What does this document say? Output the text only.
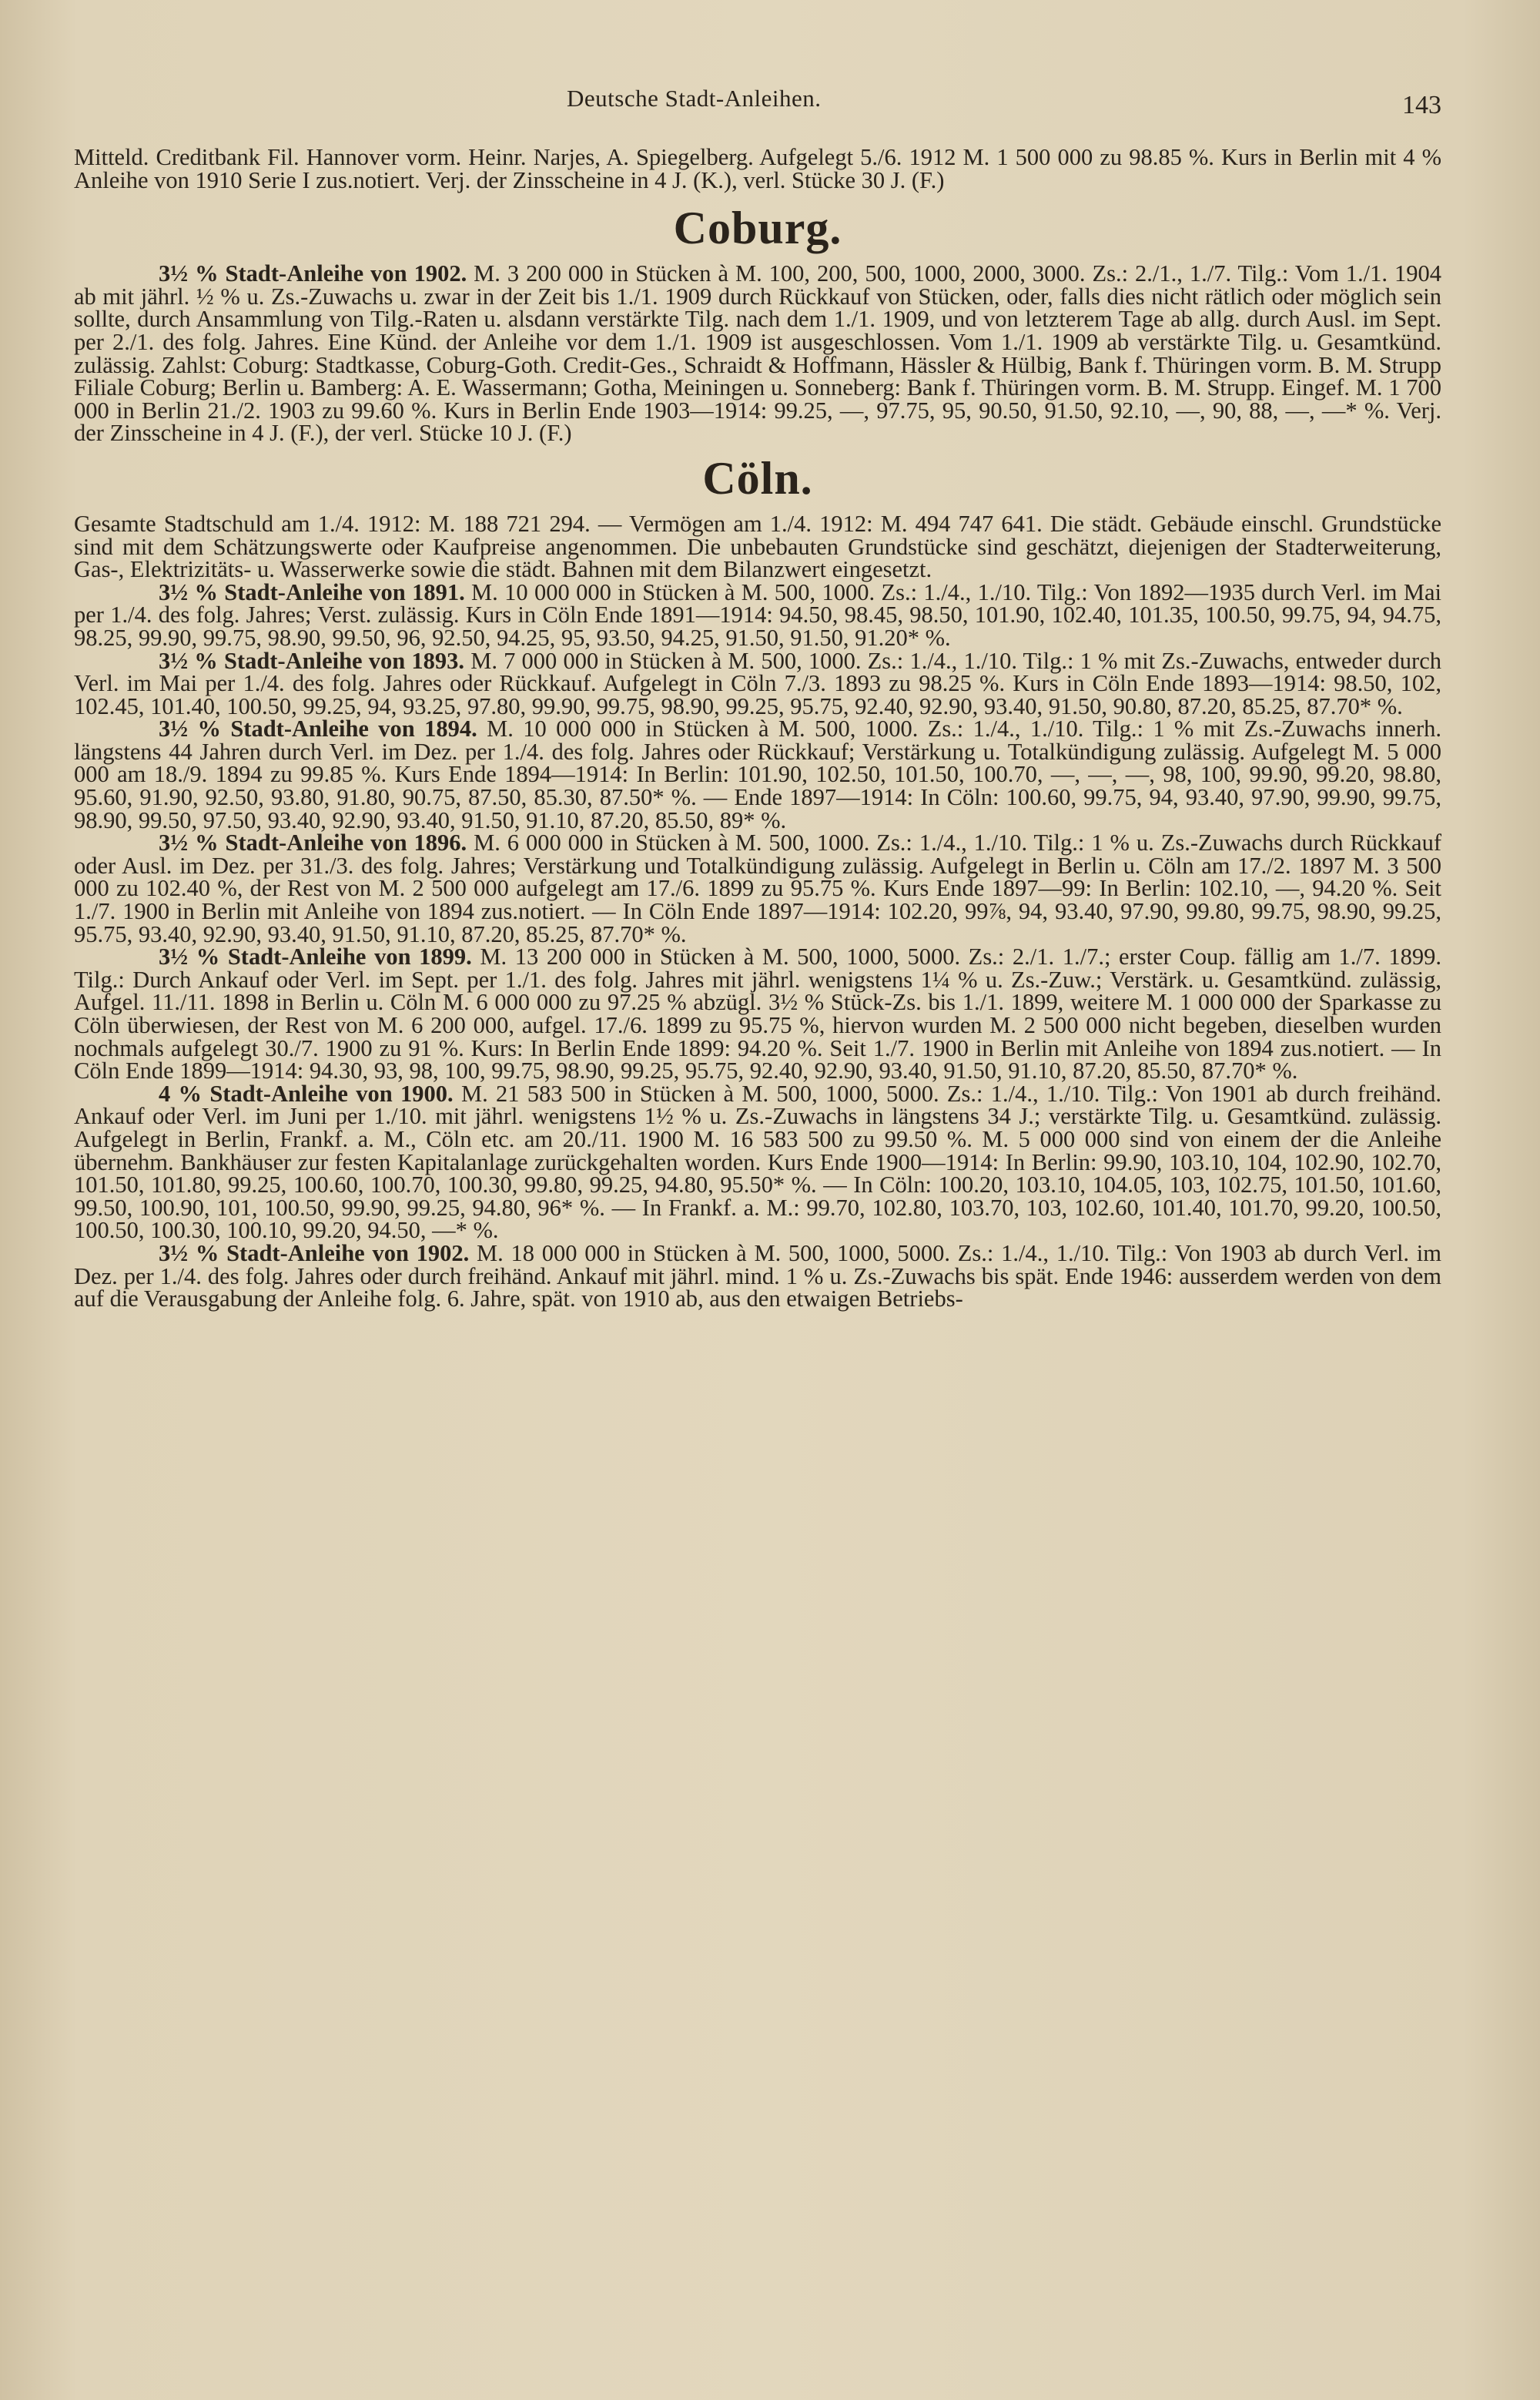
Deutsche Stadt-Anleihen.	143

Mitteld. Creditbank Fil. Hannover vorm. Heinr. Narjes, A. Spiegelberg. Aufgelegt 5./6. 1912 M. 1 500 000 zu 98.85 %. Kurs in Berlin mit 4 % Anleihe von 1910 Serie I zus.notiert. Verj. der Zinsscheine in 4 J. (K.), verl. Stücke 30 J. (F.)

Coburg.

3½ % Stadt-Anleihe von 1902. M. 3 200 000 in Stücken à M. 100, 200, 500, 1000, 2000, 3000. Zs.: 2./1., 1./7. Tilg.: Vom 1./1. 1904 ab mit jährl. ½ % u. Zs.-Zuwachs u. zwar in der Zeit bis 1./1. 1909 durch Rückkauf von Stücken, oder, falls dies nicht rätlich oder möglich sein sollte, durch Ansammlung von Tilg.-Raten u. alsdann verstärkte Tilg. nach dem 1./1. 1909, und von letzterem Tage ab allg. durch Ausl. im Sept. per 2./1. des folg. Jahres. Eine Künd. der Anleihe vor dem 1./1. 1909 ist ausgeschlossen. Vom 1./1. 1909 ab verstärkte Tilg. u. Gesamtkünd. zulässig. Zahlst: Coburg: Stadtkasse, Coburg-Goth. Credit-Ges., Schraidt & Hoffmann, Hässler & Hülbig, Bank f. Thüringen vorm. B. M. Strupp Filiale Coburg; Berlin u. Bamberg: A. E. Wassermann; Gotha, Meiningen u. Sonneberg: Bank f. Thüringen vorm. B. M. Strupp. Eingef. M. 1 700 000 in Berlin 21./2. 1903 zu 99.60 %. Kurs in Berlin Ende 1903—1914: 99.25, —, 97.75, 95, 90.50, 91.50, 92.10, —, 90, 88, —, —* %. Verj. der Zinsscheine in 4 J. (F.), der verl. Stücke 10 J. (F.)

Cöln.

Gesamte Stadtschuld am 1./4. 1912: M. 188 721 294. — Vermögen am 1./4. 1912: M. 494 747 641. Die städt. Gebäude einschl. Grundstücke sind mit dem Schätzungswerte oder Kaufpreise angenommen. Die unbebauten Grundstücke sind geschätzt, diejenigen der Stadterweiterung, Gas-, Elektrizitäts- u. Wasserwerke sowie die städt. Bahnen mit dem Bilanzwert eingesetzt.

3½ % Stadt-Anleihe von 1891. M. 10 000 000 in Stücken à M. 500, 1000. Zs.: 1./4., 1./10. Tilg.: Von 1892—1935 durch Verl. im Mai per 1./4. des folg. Jahres; Verst. zulässig. Kurs in Cöln Ende 1891—1914: 94.50, 98.45, 98.50, 101.90, 102.40, 101.35, 100.50, 99.75, 94, 94.75, 98.25, 99.90, 99.75, 98.90, 99.50, 96, 92.50, 94.25, 95, 93.50, 94.25, 91.50, 91.50, 91.20* %.

3½ % Stadt-Anleihe von 1893. M. 7 000 000 in Stücken à M. 500, 1000. Zs.: 1./4., 1./10. Tilg.: 1 % mit Zs.-Zuwachs, entweder durch Verl. im Mai per 1./4. des folg. Jahres oder Rückkauf. Aufgelegt in Cöln 7./3. 1893 zu 98.25 %. Kurs in Cöln Ende 1893—1914: 98.50, 102, 102.45, 101.40, 100.50, 99.25, 94, 93.25, 97.80, 99.90, 99.75, 98.90, 99.25, 95.75, 92.40, 92.90, 93.40, 91.50, 90.80, 87.20, 85.25, 87.70* %.

3½ % Stadt-Anleihe von 1894. M. 10 000 000 in Stücken à M. 500, 1000. Zs.: 1./4., 1./10. Tilg.: 1 % mit Zs.-Zuwachs innerh. längstens 44 Jahren durch Verl. im Dez. per 1./4. des folg. Jahres oder Rückkauf; Verstärkung u. Totalkündigung zulässig. Aufgelegt M. 5 000 000 am 18./9. 1894 zu 99.85 %. Kurs Ende 1894—1914: In Berlin: 101.90, 102.50, 101.50, 100.70, —, —, —, 98, 100, 99.90, 99.20, 98.80, 95.60, 91.90, 92.50, 93.80, 91.80, 90.75, 87.50, 85.30, 87.50* %. — Ende 1897—1914: In Cöln: 100.60, 99.75, 94, 93.40, 97.90, 99.90, 99.75, 98.90, 99.50, 97.50, 93.40, 92.90, 93.40, 91.50, 91.10, 87.20, 85.50, 89* %.

3½ % Stadt-Anleihe von 1896. M. 6 000 000 in Stücken à M. 500, 1000. Zs.: 1./4., 1./10. Tilg.: 1 % u. Zs.-Zuwachs durch Rückkauf oder Ausl. im Dez. per 31./3. des folg. Jahres; Verstärkung und Totalkündigung zulässig. Aufgelegt in Berlin u. Cöln am 17./2. 1897 M. 3 500 000 zu 102.40 %, der Rest von M. 2 500 000 aufgelegt am 17./6. 1899 zu 95.75 %. Kurs Ende 1897—99: In Berlin: 102.10, —, 94.20 %. Seit 1./7. 1900 in Berlin mit Anleihe von 1894 zus.notiert. — In Cöln Ende 1897—1914: 102.20, 99⅞, 94, 93.40, 97.90, 99.80, 99.75, 98.90, 99.25, 95.75, 93.40, 92.90, 93.40, 91.50, 91.10, 87.20, 85.25, 87.70* %.

3½ % Stadt-Anleihe von 1899. M. 13 200 000 in Stücken à M. 500, 1000, 5000. Zs.: 2./1. 1./7.; erster Coup. fällig am 1./7. 1899. Tilg.: Durch Ankauf oder Verl. im Sept. per 1./1. des folg. Jahres mit jährl. wenigstens 1¼ % u. Zs.-Zuw.; Verstärk. u. Gesamtkünd. zulässig, Aufgel. 11./11. 1898 in Berlin u. Cöln M. 6 000 000 zu 97.25 % abzügl. 3½ % Stück-Zs. bis 1./1. 1899, weitere M. 1 000 000 der Sparkasse zu Cöln überwiesen, der Rest von M. 6 200 000, aufgel. 17./6. 1899 zu 95.75 %, hiervon wurden M. 2 500 000 nicht begeben, dieselben wurden nochmals aufgelegt 30./7. 1900 zu 91 %. Kurs: In Berlin Ende 1899: 94.20 %. Seit 1./7. 1900 in Berlin mit Anleihe von 1894 zus.notiert. — In Cöln Ende 1899—1914: 94.30, 93, 98, 100, 99.75, 98.90, 99.25, 95.75, 92.40, 92.90, 93.40, 91.50, 91.10, 87.20, 85.50, 87.70* %.

4 % Stadt-Anleihe von 1900. M. 21 583 500 in Stücken à M. 500, 1000, 5000. Zs.: 1./4., 1./10. Tilg.: Von 1901 ab durch freihänd. Ankauf oder Verl. im Juni per 1./10. mit jährl. wenigstens 1½ % u. Zs.-Zuwachs in längstens 34 J.; verstärkte Tilg. u. Gesamtkünd. zulässig. Aufgelegt in Berlin, Frankf. a. M., Cöln etc. am 20./11. 1900 M. 16 583 500 zu 99.50 %. M. 5 000 000 sind von einem der die Anleihe übernehm. Bankhäuser zur festen Kapitalanlage zurückgehalten worden. Kurs Ende 1900—1914: In Berlin: 99.90, 103.10, 104, 102.90, 102.70, 101.50, 101.80, 99.25, 100.60, 100.70, 100.30, 99.80, 99.25, 94.80, 95.50* %. — In Cöln: 100.20, 103.10, 104.05, 103, 102.75, 101.50, 101.60, 99.50, 100.90, 101, 100.50, 99.90, 99.25, 94.80, 96* %. — In Frankf. a. M.: 99.70, 102.80, 103.70, 103, 102.60, 101.40, 101.70, 99.20, 100.50, 100.50, 100.30, 100.10, 99.20, 94.50, —* %.

3½ % Stadt-Anleihe von 1902. M. 18 000 000 in Stücken à M. 500, 1000, 5000. Zs.: 1./4., 1./10. Tilg.: Von 1903 ab durch Verl. im Dez. per 1./4. des folg. Jahres oder durch freihänd. Ankauf mit jährl. mind. 1 % u. Zs.-Zuwachs bis spät. Ende 1946: ausserdem werden von dem auf die Verausgabung der Anleihe folg. 6. Jahre, spät. von 1910 ab, aus den etwaigen Betriebs-
